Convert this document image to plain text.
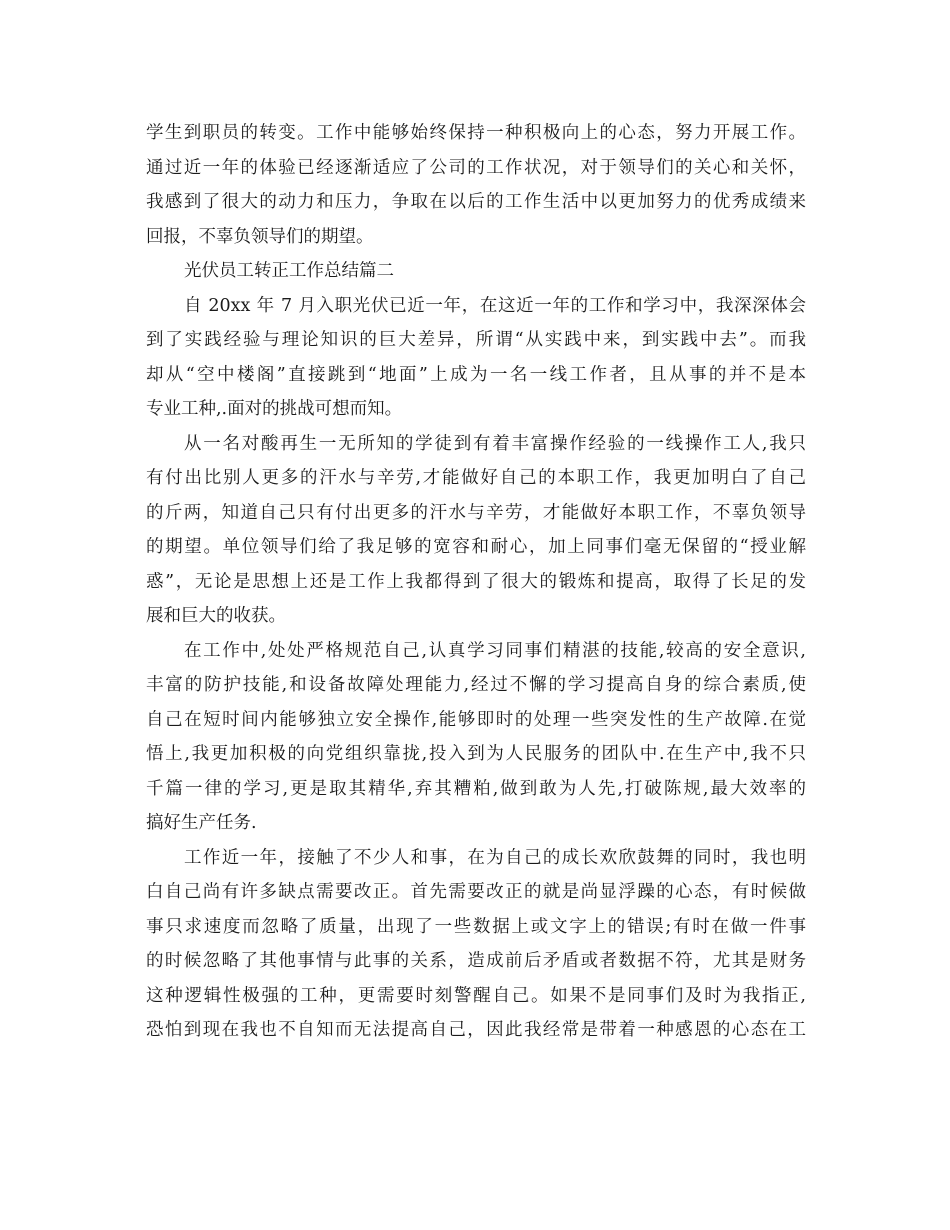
学生到职员的转变。工作中能够始终保持一种积极向上的心态，努力开展工作。
通过近一年的体验已经逐渐适应了公司的工作状况，对于领导们的关心和关怀，
我感到了很大的动力和压力，争取在以后的工作生活中以更加努力的优秀成绩来
回报，不辜负领导们的期望。
光伏员工转正工作总结篇二
自 20xx 年 7 月入职光伏已近一年，在这近一年的工作和学习中，我深深体会
到了实践经验与理论知识的巨大差异，所谓“从实践中来，到实践中去”。而我
却从“空中楼阁”直接跳到“地面”上成为一名一线工作者，且从事的并不是本
专业工种,.面对的挑战可想而知。
从一名对酸再生一无所知的学徒到有着丰富操作经验的一线操作工人,我只
有付出比别人更多的汗水与辛劳,才能做好自己的本职工作，我更加明白了自己
的斤两，知道自己只有付出更多的汗水与辛劳，才能做好本职工作，不辜负领导
的期望。单位领导们给了我足够的宽容和耐心，加上同事们毫无保留的“授业解
惑”，无论是思想上还是工作上我都得到了很大的锻炼和提高，取得了长足的发
展和巨大的收获。
在工作中,处处严格规范自己,认真学习同事们精湛的技能,较高的安全意识,
丰富的防护技能,和设备故障处理能力,经过不懈的学习提高自身的综合素质,使
自己在短时间内能够独立安全操作,能够即时的处理一些突发性的生产故障.在觉
悟上,我更加积极的向党组织靠拢,投入到为人民服务的团队中.在生产中,我不只
千篇一律的学习,更是取其精华,弃其糟粕,做到敢为人先,打破陈规,最大效率的
搞好生产任务.
工作近一年，接触了不少人和事，在为自己的成长欢欣鼓舞的同时，我也明
白自己尚有许多缺点需要改正。首先需要改正的就是尚显浮躁的心态，有时候做
事只求速度而忽略了质量，出现了一些数据上或文字上的错误;有时在做一件事
的时候忽略了其他事情与此事的关系，造成前后矛盾或者数据不符，尤其是财务
这种逻辑性极强的工种，更需要时刻警醒自己。如果不是同事们及时为我指正,
恐怕到现在我也不自知而无法提高自己，因此我经常是带着一种感恩的心态在工
